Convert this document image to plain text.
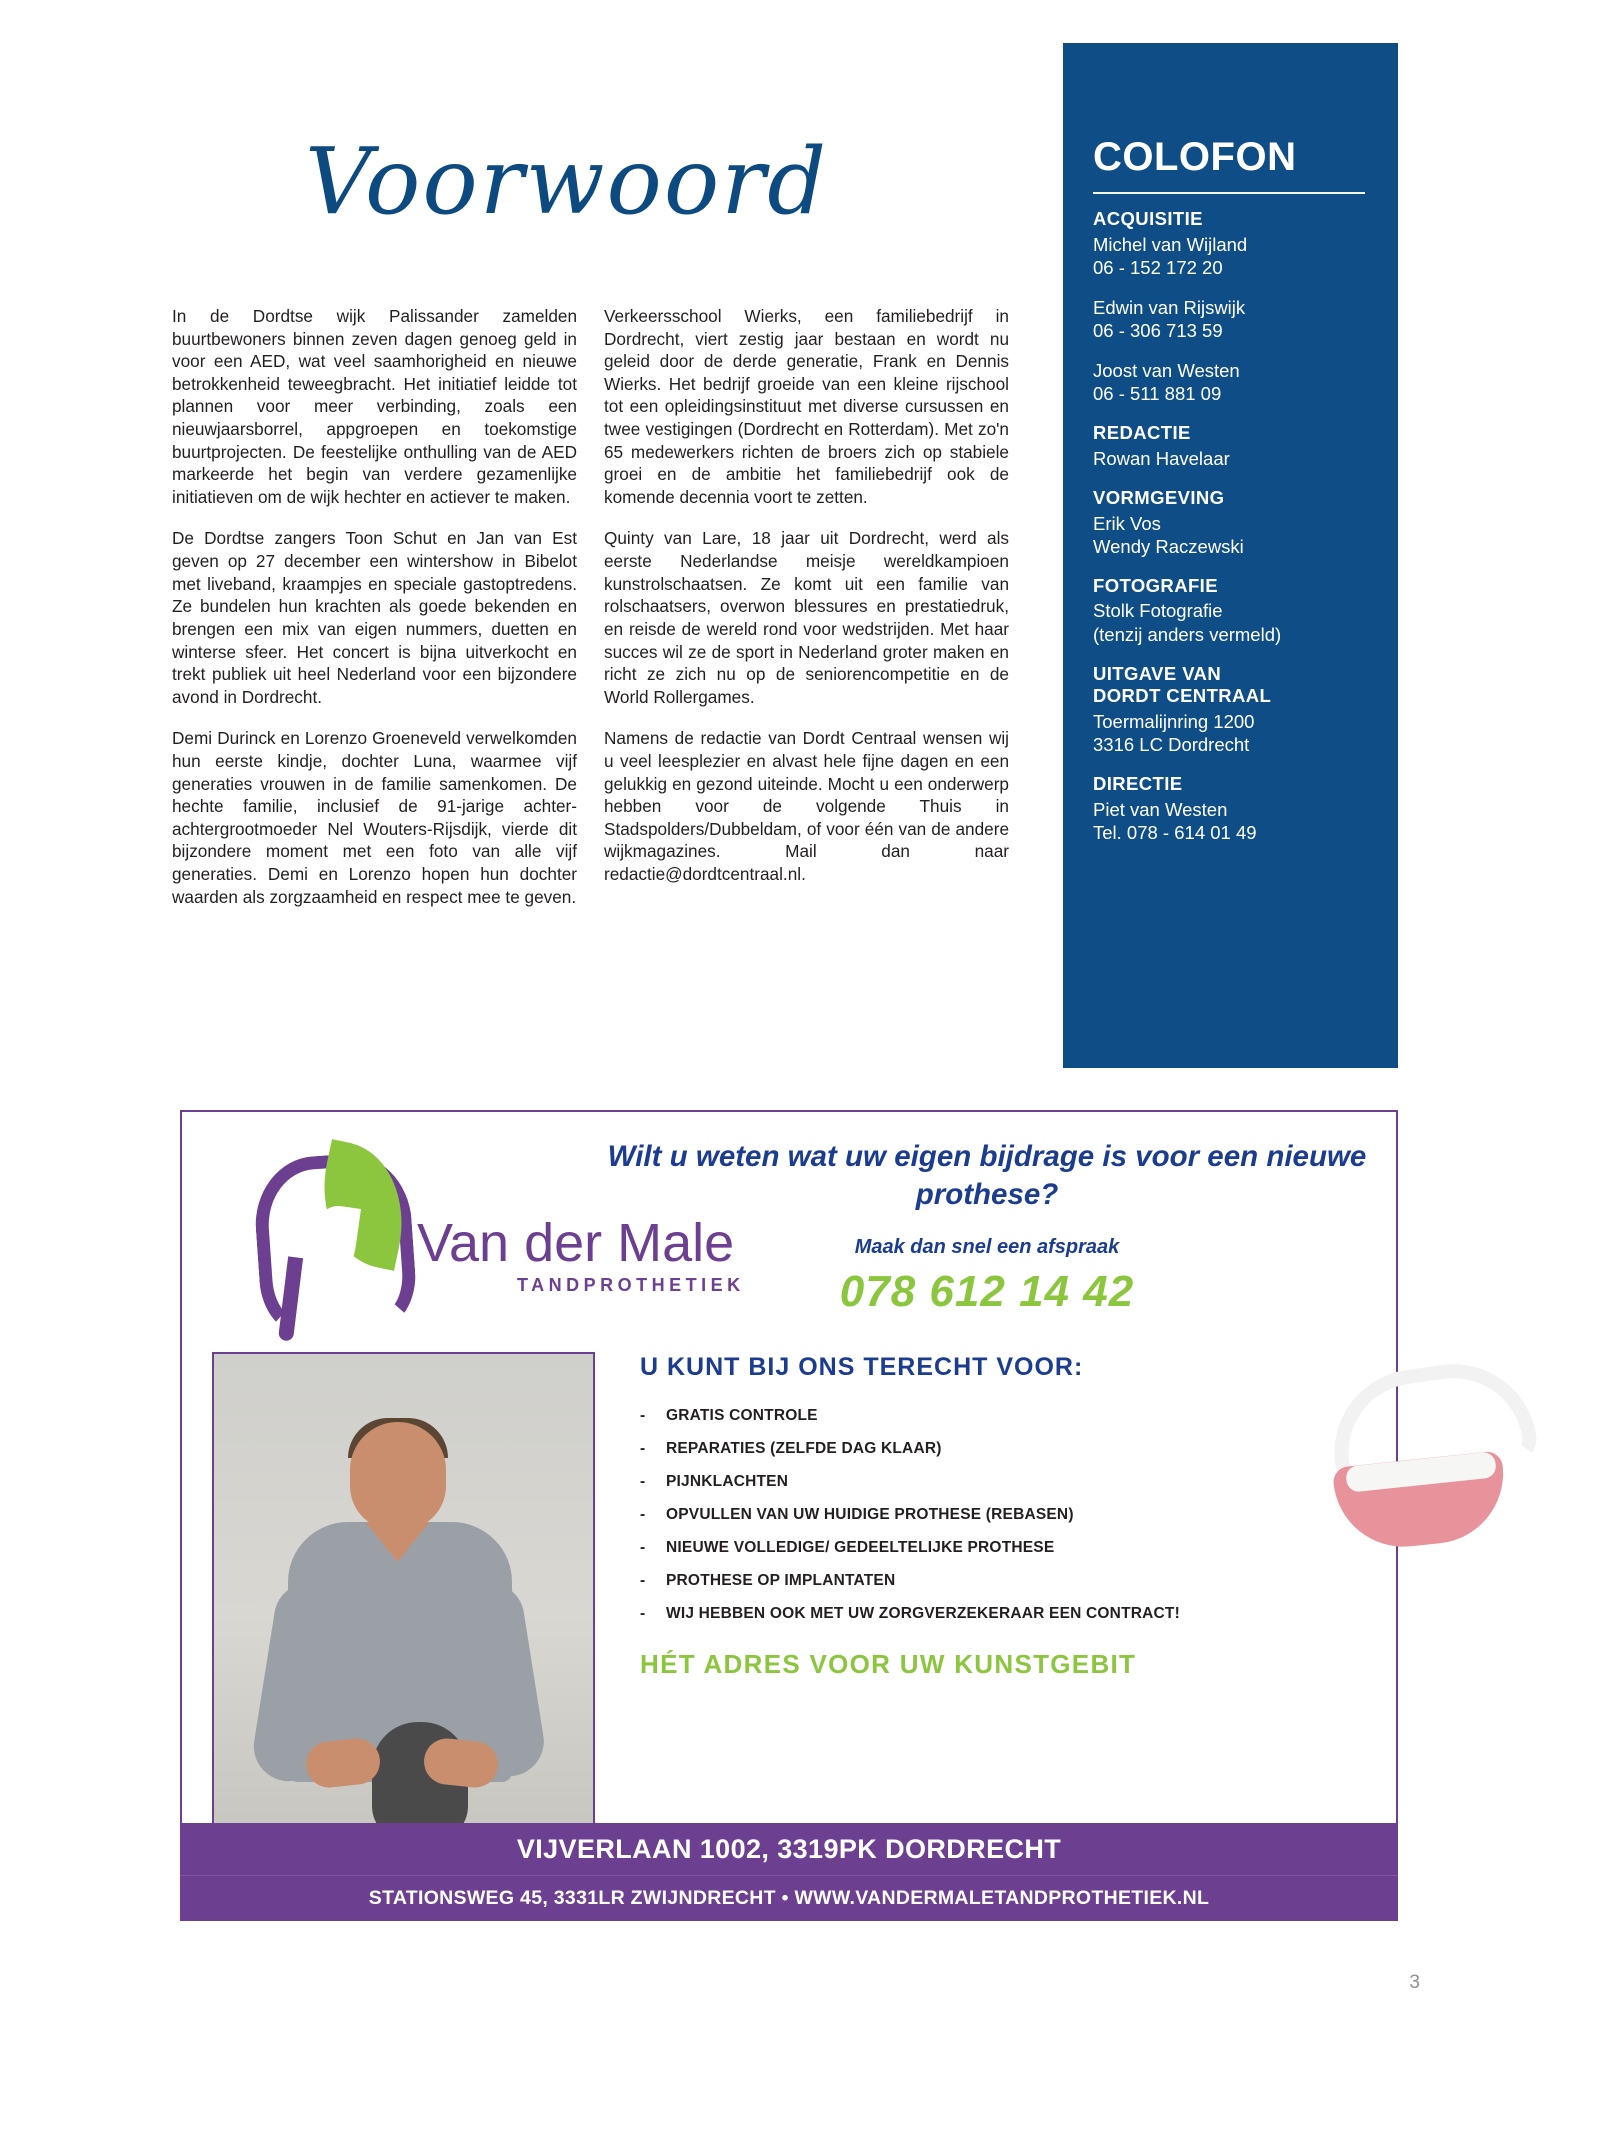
Voorwoord

In de Dordtse wijk Palissander zamelden buurtbewoners binnen zeven dagen genoeg geld in voor een AED, wat veel saamhorigheid en nieuwe betrokkenheid teweegbracht. Het initiatief leidde tot plannen voor meer verbinding, zoals een nieuwjaarsborrel, appgroepen en toekomstige buurtprojecten. De feestelijke onthulling van de AED markeerde het begin van verdere gezamenlijke initiatieven om de wijk hechter en actiever te maken.

De Dordtse zangers Toon Schut en Jan van Est geven op 27 december een wintershow in Bibelot met liveband, kraampjes en speciale gastoptredens. Ze bundelen hun krachten als goede bekenden en brengen een mix van eigen nummers, duetten en winterse sfeer. Het concert is bijna uitverkocht en trekt publiek uit heel Nederland voor een bijzondere avond in Dordrecht.

Demi Durinck en Lorenzo Groeneveld verwelkomden hun eerste kindje, dochter Luna, waarmee vijf generaties vrouwen in de familie samenkomen. De hechte familie, inclusief de 91-jarige achter-achtergrootmoeder Nel Wouters-Rijsdijk, vierde dit bijzondere moment met een foto van alle vijf generaties. Demi en Lorenzo hopen hun dochter waarden als zorgzaamheid en respect mee te geven.

Verkeersschool Wierks, een familiebedrijf in Dordrecht, viert zestig jaar bestaan en wordt nu geleid door de derde generatie, Frank en Dennis Wierks. Het bedrijf groeide van een kleine rijschool tot een opleidingsinstituut met diverse cursussen en twee vestigingen (Dordrecht en Rotterdam). Met zo'n 65 medewerkers richten de broers zich op stabiele groei en de ambitie het familiebedrijf ook de komende decennia voort te zetten.

Quinty van Lare, 18 jaar uit Dordrecht, werd als eerste Nederlandse meisje wereldkampioen kunstrolschaatsen. Ze komt uit een familie van rolschaatsers, overwon blessures en prestatiedruk, en reisde de wereld rond voor wedstrijden. Met haar succes wil ze de sport in Nederland groter maken en richt ze zich nu op de seniorencompetitie en de World Rollergames.

Namens de redactie van Dordt Centraal wensen wij u veel leesplezier en alvast hele fijne dagen en een gelukkig en gezond uiteinde. Mocht u een onderwerp hebben voor de volgende Thuis in Stadspolders/Dubbeldam, of voor één van de andere wijkmagazines. Mail dan naar redactie@dordtcentraal.nl.

COLOFON
ACQUISITIE
Michel van Wijland
06 - 152 172 20
Edwin van Rijswijk
06 - 306 713 59
Joost van Westen
06 - 511 881 09
REDACTIE
Rowan Havelaar
VORMGEVING
Erik Vos
Wendy Raczewski
FOTOGRAFIE
Stolk Fotografie
(tenzij anders vermeld)
UITGAVE VAN
DORDT CENTRAAL
Toermalijnring 1200
3316 LC Dordrecht
DIRECTIE
Piet van Westen
Tel. 078 - 614 01 49
Van der Male
TANDPROTHETIEK

Wilt u weten wat uw eigen bijdrage is voor een nieuwe prothese?

Maak dan snel een afspraak

078 612 14 42

U KUNT BIJ ONS TERECHT VOOR:
- GRATIS CONTROLE
- REPARATIES (ZELFDE DAG KLAAR)
- PIJNKLACHTEN
- OPVULLEN VAN UW HUIDIGE PROTHESE (REBASEN)
- NIEUWE VOLLEDIGE/ GEDEELTELIJKE PROTHESE
- PROTHESE OP IMPLANTATEN
- WIJ HEBBEN OOK MET UW ZORGVERZEKERAAR EEN CONTRACT!
HÉT ADRES VOOR UW KUNSTGEBIT
VIJVERLAAN 1002, 3319PK DORDRECHT
STATIONSWEG 45, 3331LR ZWIJNDRECHT • WWW.VANDERMALETANDPROTHETIEK.NL
3
